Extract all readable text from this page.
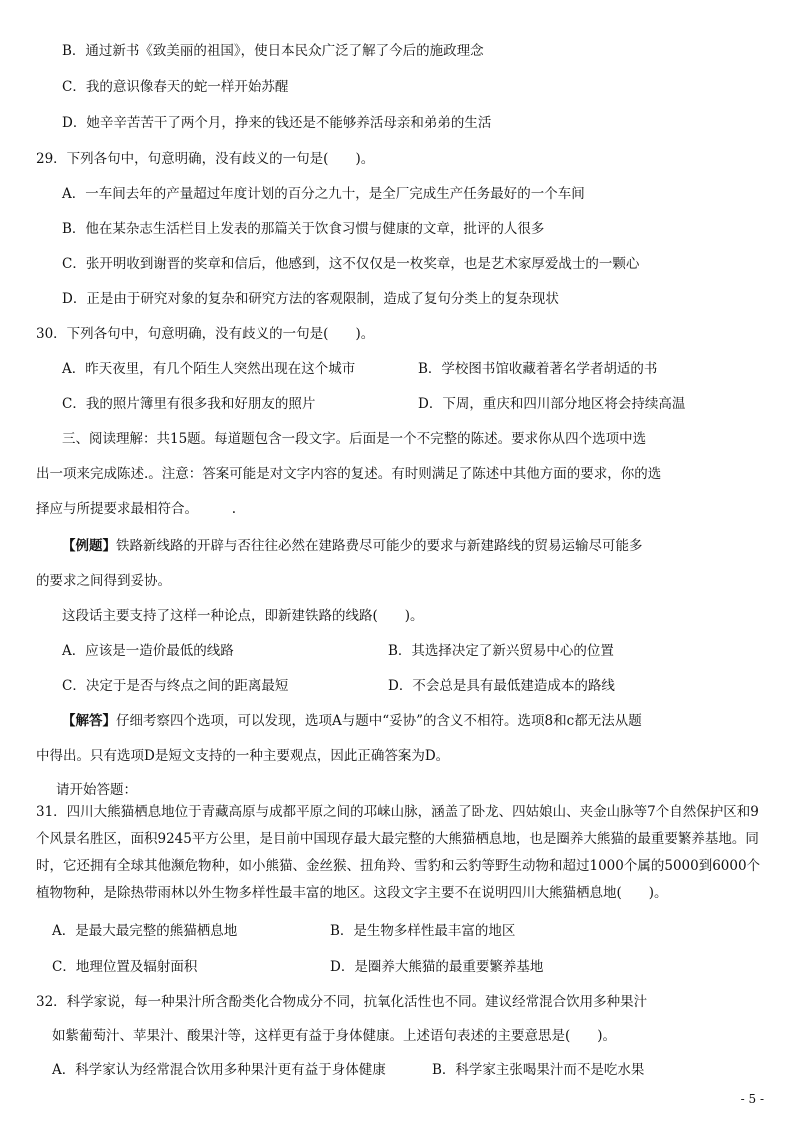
B．通过新书《致美丽的祖国》，使日本民众广泛了解了今后的施政理念
C．我的意识像春天的蛇一样开始苏醒
D．她辛辛苦苦干了两个月，挣来的钱还是不能够养活母亲和弟弟的生活
29．下列各句中，句意明确，没有歧义的一句是(　　)。
A．一车间去年的产量超过年度计划的百分之九十，是全厂完成生产任务最好的一个车间
B．他在某杂志生活栏目上发表的那篇关于饮食习惯与健康的文章，批评的人很多
C．张开明收到谢晋的奖章和信后，他感到，这不仅仅是一枚奖章，也是艺术家厚爱战士的一颗心
D．正是由于研究对象的复杂和研究方法的客观限制，造成了复句分类上的复杂现状
30．下列各句中，句意明确，没有歧义的一句是(　　)。
A．昨天夜里，有几个陌生人突然出现在这个城市	B．学校图书馆收藏着著名学者胡适的书
C．我的照片簿里有很多我和好朋友的照片	D．下周，重庆和四川部分地区将会持续高温
三、阅读理解：共15题。每道题包含一段文字。后面是一个不完整的陈述。要求你从四个选项中选
出一项来完成陈述.。注意：答案可能是对文字内容的复述。有时则满足了陈述中其他方面的要求，你的选
择应与所提要求最相符合。　　　.
【例题】铁路新线路的开辟与否往往必然在建路费尽可能少的要求与新建路线的贸易运输尽可能多
的要求之间得到妥协。
这段话主要支持了这样一种论点，即新建铁路的线路(　　)。
A．应该是一造价最低的线路	B．其选择决定了新兴贸易中心的位置
C．决定于是否与终点之间的距离最短	D．不会总是具有最低建造成本的路线
【解答】仔细考察四个选项，可以发现，选项A与题中“妥协”的含义不相符。选项8和c都无法从题
中得出。只有选项D是短文支持的一种主要观点，因此正确答案为D。
请开始答题：
31．四川大熊猫栖息地位于青藏高原与成都平原之间的邛崃山脉，涵盖了卧龙、四姑娘山、夹金山脉等7个自然保护区和9个风景名胜区，面积9245平方公里，是目前中国现存最大最完整的大熊猫栖息地，也是圈养大熊猫的最重要繁养基地。同时，它还拥有全球其他濒危物种，如小熊猫、金丝猴、扭角羚、雪豹和云豹等野生动物和超过1000个属的5000到6000个植物物种，是除热带雨林以外生物多样性最丰富的地区。这段文字主要不在说明四川大熊猫栖息地(　　)。
A．是最大最完整的熊猫栖息地	B．是生物多样性最丰富的地区
C．地理位置及辐射面积	D．是圈养大熊猫的最重要繁养基地
32．科学家说，每一种果汁所含酚类化合物成分不同，抗氧化活性也不同。建议经常混合饮用多种果汁
如紫葡萄汁、苹果汁、酸果汁等，这样更有益于身体健康。上述语句表述的主要意思是(　　)。
A．科学家认为经常混合饮用多种果汁更有益于身体健康	B．科学家主张喝果汁而不是吃水果
- 5 -
